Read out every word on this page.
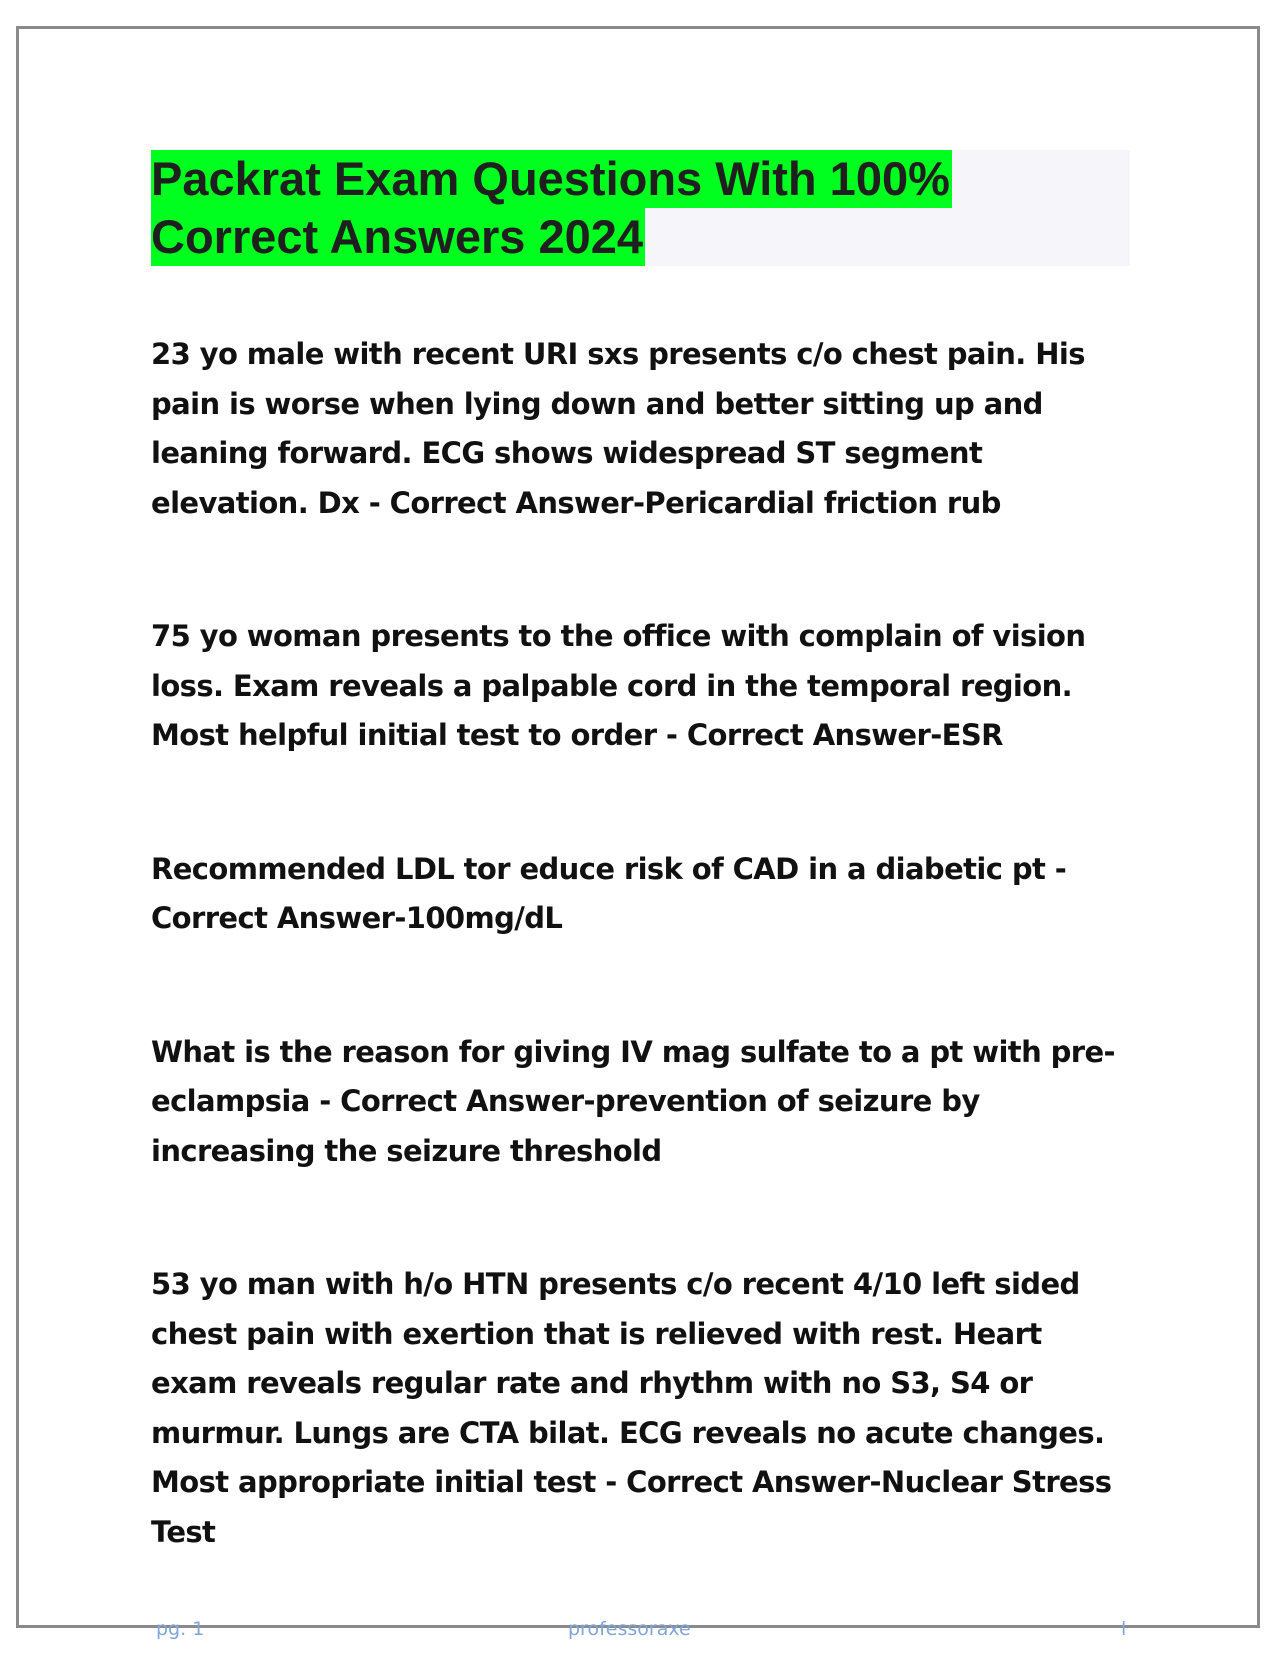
Packrat Exam Questions With 100%
Correct Answers 2024

23 yo male with recent URI sxs presents c/o chest pain. His pain is worse when lying down and better sitting up and leaning forward. ECG shows widespread ST segment elevation. Dx - Correct Answer-Pericardial friction rub

75 yo woman presents to the office with complain of vision loss. Exam reveals a palpable cord in the temporal region. Most helpful initial test to order - Correct Answer-ESR

Recommended LDL tor educe risk of CAD in a diabetic pt - Correct Answer-100mg/dL

What is the reason for giving IV mag sulfate to a pt with pre-eclampsia - Correct Answer-prevention of seizure by increasing the seizure threshold

53 yo man with h/o HTN presents c/o recent 4/10 left sided chest pain with exertion that is relieved with rest. Heart exam reveals regular rate and rhythm with no S3, S4 or murmur. Lungs are CTA bilat. ECG reveals no acute changes. Most appropriate initial test - Correct Answer-Nuclear Stress Test

pg. 1	professoraxe	l
